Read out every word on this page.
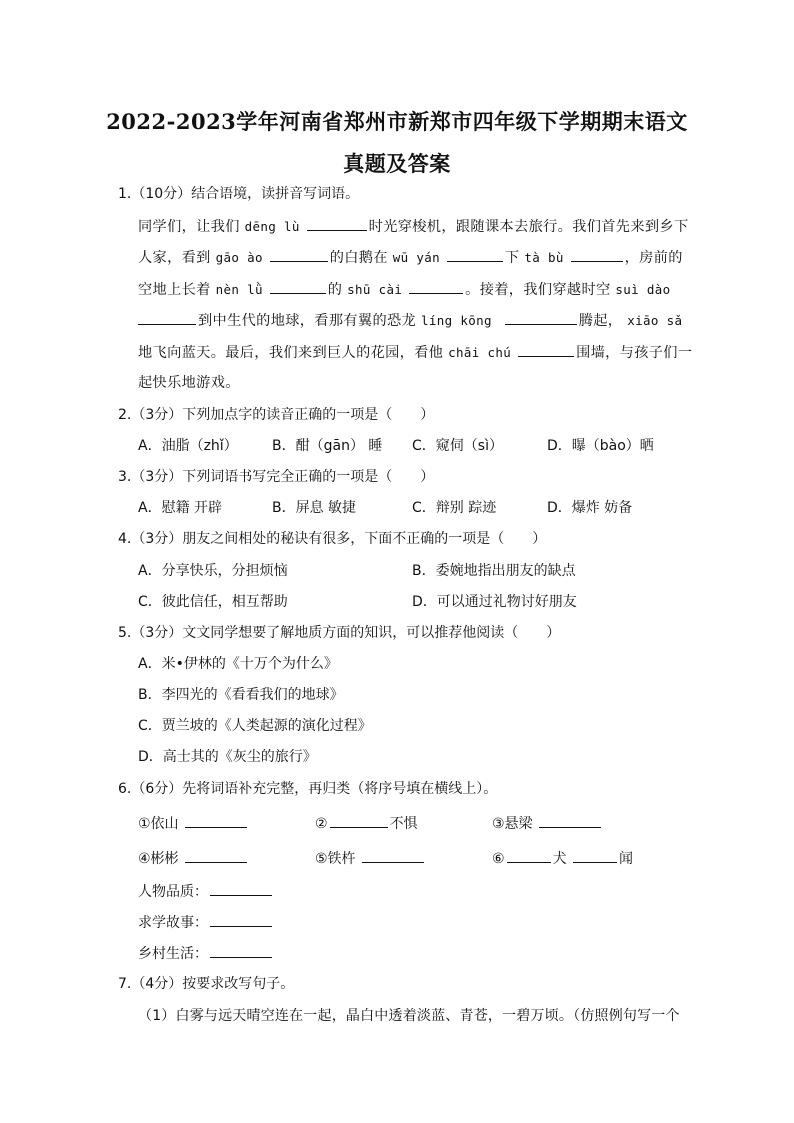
2022-2023学年河南省郑州市新郑市四年级下学期期末语文
真题及答案
1.（10分）结合语境，读拼音写词语。
同学们，让我们 dēng lù	时光穿梭机，跟随课本去旅行。我们首先来到乡下
人家，看到 gāo ào	的白鹅在 wū yán	下 tà bù	，房前的
空地上长着 nèn lǜ	的 shū cài	。接着，我们穿越时空 suì dào
到中生代的地球，看那有翼的恐龙 líng kōng	腾起， xiāo sǎ
地飞向蓝天。最后，我们来到巨人的花园，看他 chāi chú	围墙，与孩子们一
起快乐地游戏。
2.（3分）下列加点字的读音正确的一项是（　　）
A．油脂（zhǐ） B．酣（gān） 睡 C．窥伺（sì）	D．曝（bào）晒
3.（3分）下列词语书写完全正确的一项是（　　）
A．慰籍 开辟	B．屏息 敏捷	C．辩别 踪迹	D．爆炸 妨备
4.（3分）朋友之间相处的秘诀有很多，下面不正确的一项是（　　）
A．分享快乐，分担烦恼	B．委婉地指出朋友的缺点
C．彼此信任，相互帮助	D．可以通过礼物讨好朋友
5.（3分）文文同学想要了解地质方面的知识，可以推荐他阅读（　　）
A．米•伊林的《十万个为什么》
B．李四光的《看看我们的地球》
C．贾兰坡的《人类起源的演化过程》
D．高士其的《灰尘的旅行》
6.（6分）先将词语补充完整，再归类（将序号填在横线上）。
①依山	②	不惧	③悬梁
④彬彬	⑤铁杵	⑥	犬	闻
人物品质：
求学故事：
乡村生活：
7.（4分）按要求改写句子。
（1）白雾与远天晴空连在一起，晶白中透着淡蓝、青苍，一碧万顷。（仿照例句写一个
